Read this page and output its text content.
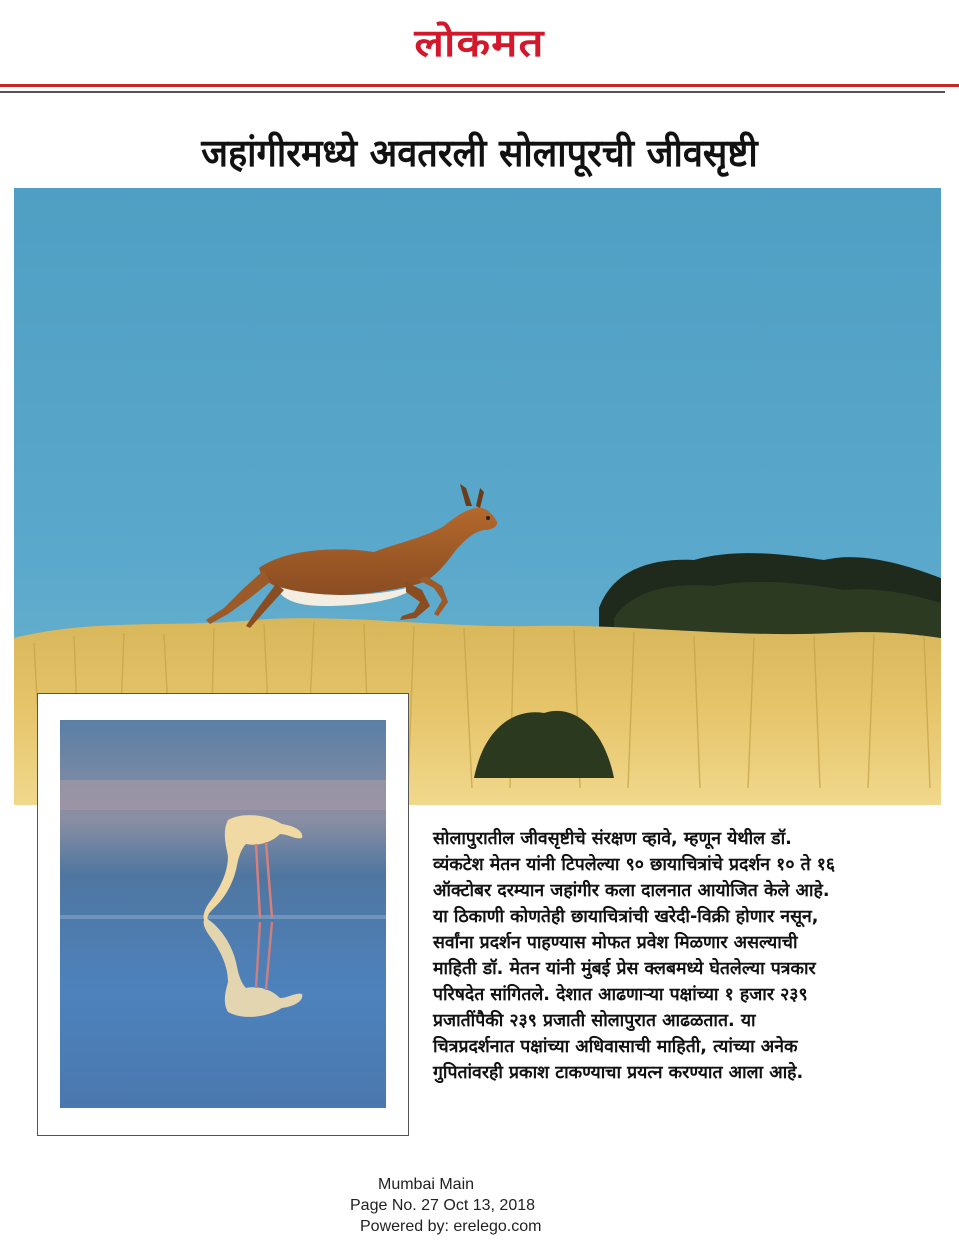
लोकमत
जहांगीरमध्ये अवतरली सोलापूरची जीवसृष्टी
सोलापुरातील जीवसृष्टीचे संरक्षण व्हावे, म्हणून येथील डॉ.
व्यंकटेश मेतन यांनी टिपलेल्या ९० छायाचित्रांचे प्रदर्शन १० ते १६
ऑक्टोबर दरम्यान जहांगीर कला दालनात आयोजित केले आहे.
या ठिकाणी कोणतेही छायाचित्रांची खरेदी-विक्री होणार नसून,
सर्वांना प्रदर्शन पाहण्यास मोफत प्रवेश मिळणार असल्याची
माहिती डॉ. मेतन यांनी मुंबई प्रेस क्लबमध्ये घेतलेल्या पत्रकार
परिषदेत सांगितले. देशात आढणाऱ्या पक्षांच्या १ हजार २३९
प्रजातींपैकी २३९ प्रजाती सोलापुरात आढळतात. या
चित्रप्रदर्शनात पक्षांच्या अधिवासाची माहिती, त्यांच्या अनेक
गुपितांवरही प्रकाश टाकण्याचा प्रयत्न करण्यात आला आहे.
Mumbai Main
Page No. 27 Oct 13, 2018
Powered by: erelego.com
